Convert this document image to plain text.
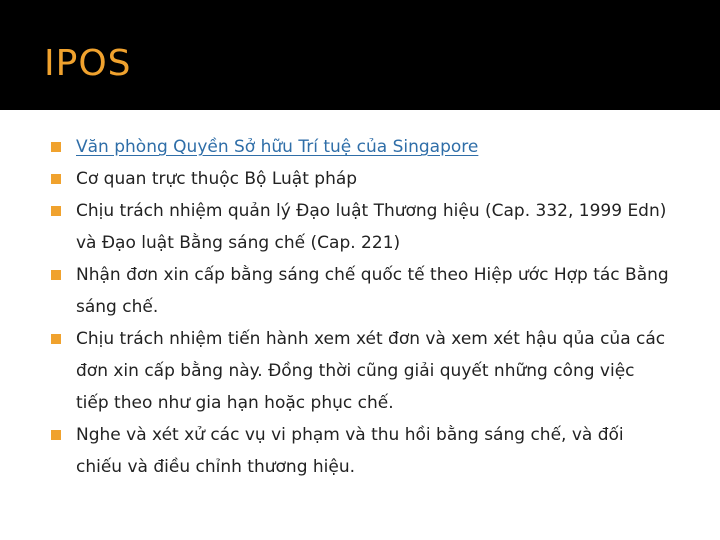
IPOS
Văn phòng Quyền Sở hữu Trí tuệ của Singapore
Cơ quan trực thuộc Bộ Luật pháp
Chịu trách nhiệm quản lý Đạo luật Thương hiệu (Cap. 332, 1999 Edn) và Đạo luật Bằng sáng chế (Cap. 221)
Nhận đơn xin cấp bằng sáng chế quốc tế theo Hiệp ước Hợp tác Bằng sáng chế.
Chịu trách nhiệm tiến hành xem xét đơn và xem xét hậu qủa của các đơn xin cấp bằng này. Đồng thời cũng giải quyết những công việc tiếp theo như gia hạn hoặc phục chế.
Nghe và xét xử các vụ vi phạm và thu hồi bằng sáng chế, và đối chiếu và điều chỉnh thương hiệu.
